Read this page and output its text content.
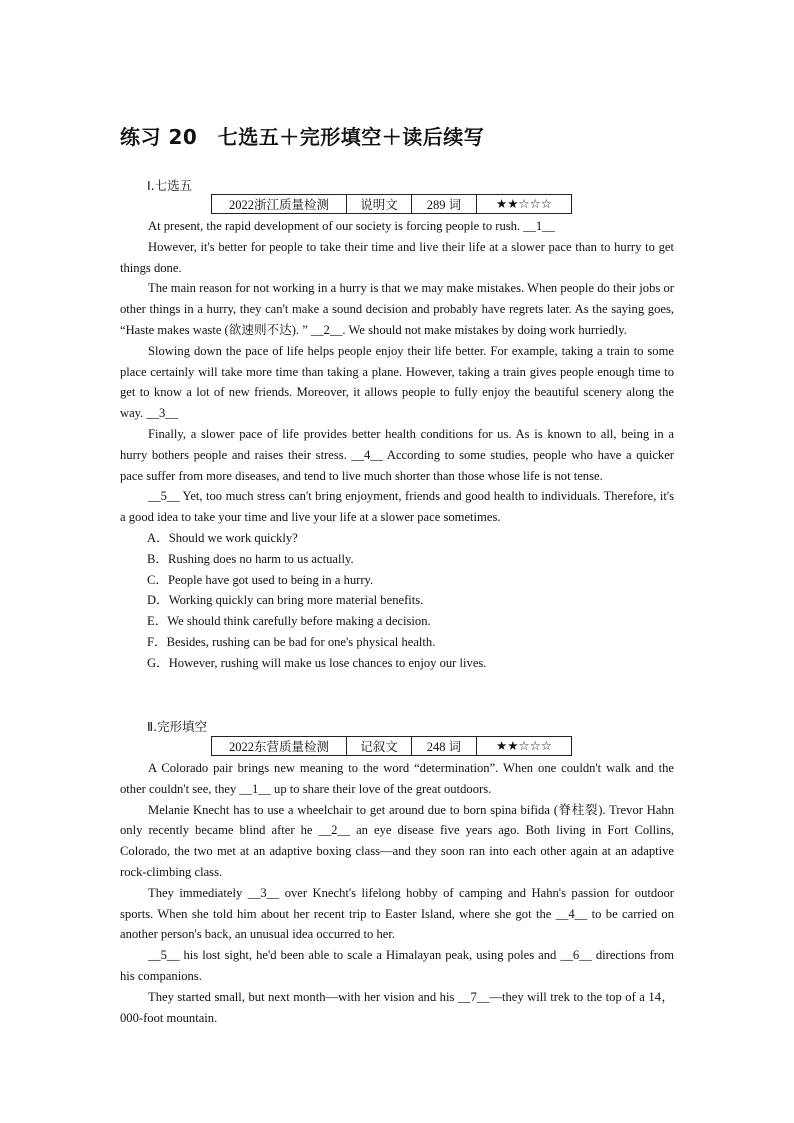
练习 20　七选五＋完形填空＋读后续写
Ⅰ.七选五
2022浙江质量检测	说明文	289 词	★★☆☆☆

At present, the rapid development of our society is forcing people to rush. __1__

However, it's better for people to take their time and live their life at a slower pace than to hurry to get things done.

The main reason for not working in a hurry is that we may make mistakes. When people do their jobs or other things in a hurry, they can't make a sound decision and probably have regrets later. As the saying goes, “Haste makes waste (欲速则不达). ” __2__. We should not make mistakes by doing work hurriedly.

Slowing down the pace of life helps people enjoy their life better. For example, taking a train to some place certainly will take more time than taking a plane. However, taking a train gives people enough time to get to know a lot of new friends. Moreover, it allows people to fully enjoy the beautiful scenery along the way. __3__

Finally, a slower pace of life provides better health conditions for us. As is known to all, being in a hurry bothers people and raises their stress. __4__ According to some studies, people who have a quicker pace suffer from more diseases, and tend to live much shorter than those whose life is not tense.

__5__ Yet, too much stress can't bring enjoyment, friends and good health to individuals. Therefore, it's a good idea to take your time and live your life at a slower pace sometimes.

A．Should we work quickly?

B．Rushing does no harm to us actually.

C．People have got used to being in a hurry.

D．Working quickly can bring more material benefits.

E．We should think carefully before making a decision.

F．Besides, rushing can be bad for one's physical health.

G．However, rushing will make us lose chances to enjoy our lives.

Ⅱ.完形填空
2022东营质量检测	记叙文	248 词	★★☆☆☆

A Colorado pair brings new meaning to the word “determination”. When one couldn't walk and the other couldn't see, they __1__ up to share their love of the great outdoors.

Melanie Knecht has to use a wheelchair to get around due to born spina bifida (脊柱裂). Trevor Hahn only recently became blind after he __2__ an eye disease five years ago. Both living in Fort Collins, Colorado, the two met at an adaptive boxing class—and they soon ran into each other again at an adaptive rock-climbing class.

They immediately __3__ over Knecht's lifelong hobby of camping and Hahn's passion for outdoor sports. When she told him about her recent trip to Easter Island, where she got the __4__ to be carried on another person's back, an unusual idea occurred to her.

__5__ his lost sight, he'd been able to scale a Himalayan peak, using poles and __6__ directions from his companions.

They started small, but next month—with her vision and his __7__—they will trek to the top of a 14，000-foot mountain.
